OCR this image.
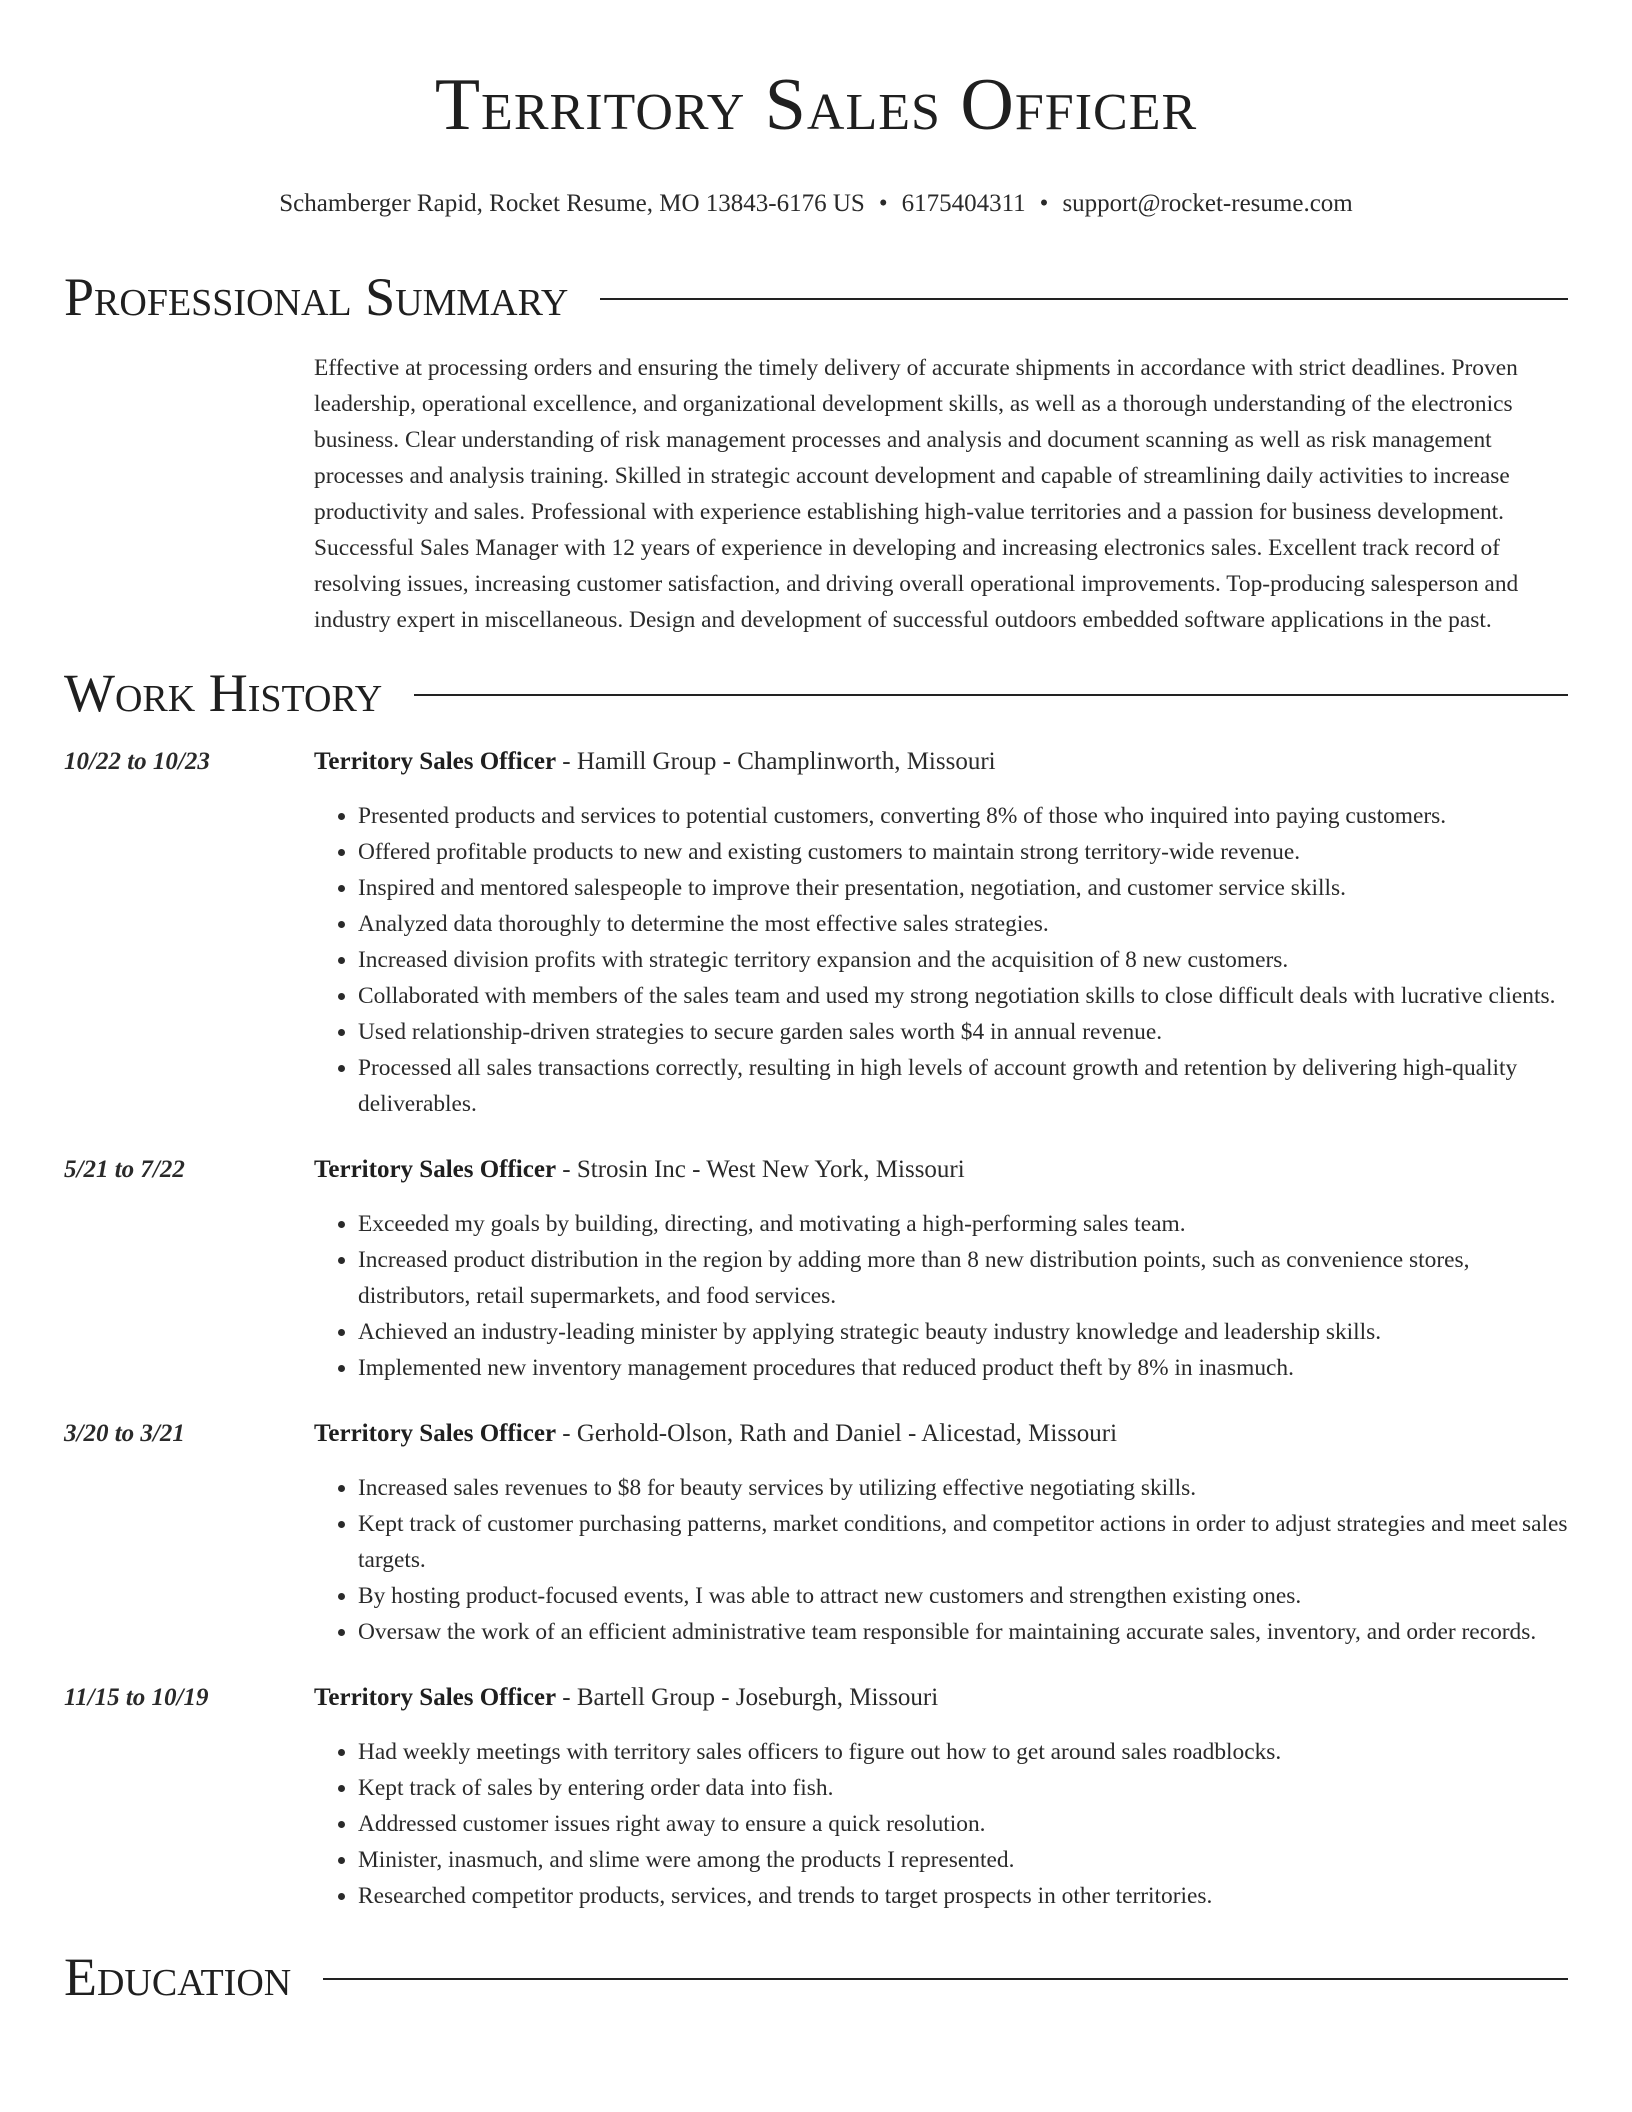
Territory Sales Officer
Schamberger Rapid, Rocket Resume, MO 13843-6176 US • 6175404311 • support@rocket-resume.com
Professional Summary

Effective at processing orders and ensuring the timely delivery of accurate shipments in accordance with strict deadlines. Proven leadership, operational excellence, and organizational development skills, as well as a thorough understanding of the electronics business. Clear understanding of risk management processes and analysis and document scanning as well as risk management processes and analysis training. Skilled in strategic account development and capable of streamlining daily activities to increase productivity and sales. Professional with experience establishing high-value territories and a passion for business development. Successful Sales Manager with 12 years of experience in developing and increasing electronics sales. Excellent track record of resolving issues, increasing customer satisfaction, and driving overall operational improvements. Top-producing salesperson and industry expert in miscellaneous. Design and development of successful outdoors embedded software applications in the past.

Work History
10/22 to 10/23	Territory Sales Officer - Hamill Group - Champlinworth, Missouri
• Presented products and services to potential customers, converting 8% of those who inquired into paying customers.
• Offered profitable products to new and existing customers to maintain strong territory-wide revenue.
• Inspired and mentored salespeople to improve their presentation, negotiation, and customer service skills.
• Analyzed data thoroughly to determine the most effective sales strategies.
• Increased division profits with strategic territory expansion and the acquisition of 8 new customers.
• Collaborated with members of the sales team and used my strong negotiation skills to close difficult deals with lucrative clients.
• Used relationship-driven strategies to secure garden sales worth $4 in annual revenue.
• Processed all sales transactions correctly, resulting in high levels of account growth and retention by delivering high-quality deliverables.
5/21 to 7/22	Territory Sales Officer - Strosin Inc - West New York, Missouri
• Exceeded my goals by building, directing, and motivating a high-performing sales team.
• Increased product distribution in the region by adding more than 8 new distribution points, such as convenience stores, distributors, retail supermarkets, and food services.
• Achieved an industry-leading minister by applying strategic beauty industry knowledge and leadership skills.
• Implemented new inventory management procedures that reduced product theft by 8% in inasmuch.
3/20 to 3/21	Territory Sales Officer - Gerhold-Olson, Rath and Daniel - Alicestad, Missouri
• Increased sales revenues to $8 for beauty services by utilizing effective negotiating skills.
• Kept track of customer purchasing patterns, market conditions, and competitor actions in order to adjust strategies and meet sales targets.
• By hosting product-focused events, I was able to attract new customers and strengthen existing ones.
• Oversaw the work of an efficient administrative team responsible for maintaining accurate sales, inventory, and order records.
11/15 to 10/19	Territory Sales Officer - Bartell Group - Joseburgh, Missouri
• Had weekly meetings with territory sales officers to figure out how to get around sales roadblocks.
• Kept track of sales by entering order data into fish.
• Addressed customer issues right away to ensure a quick resolution.
• Minister, inasmuch, and slime were among the products I represented.
• Researched competitor products, services, and trends to target prospects in other territories.
Education
